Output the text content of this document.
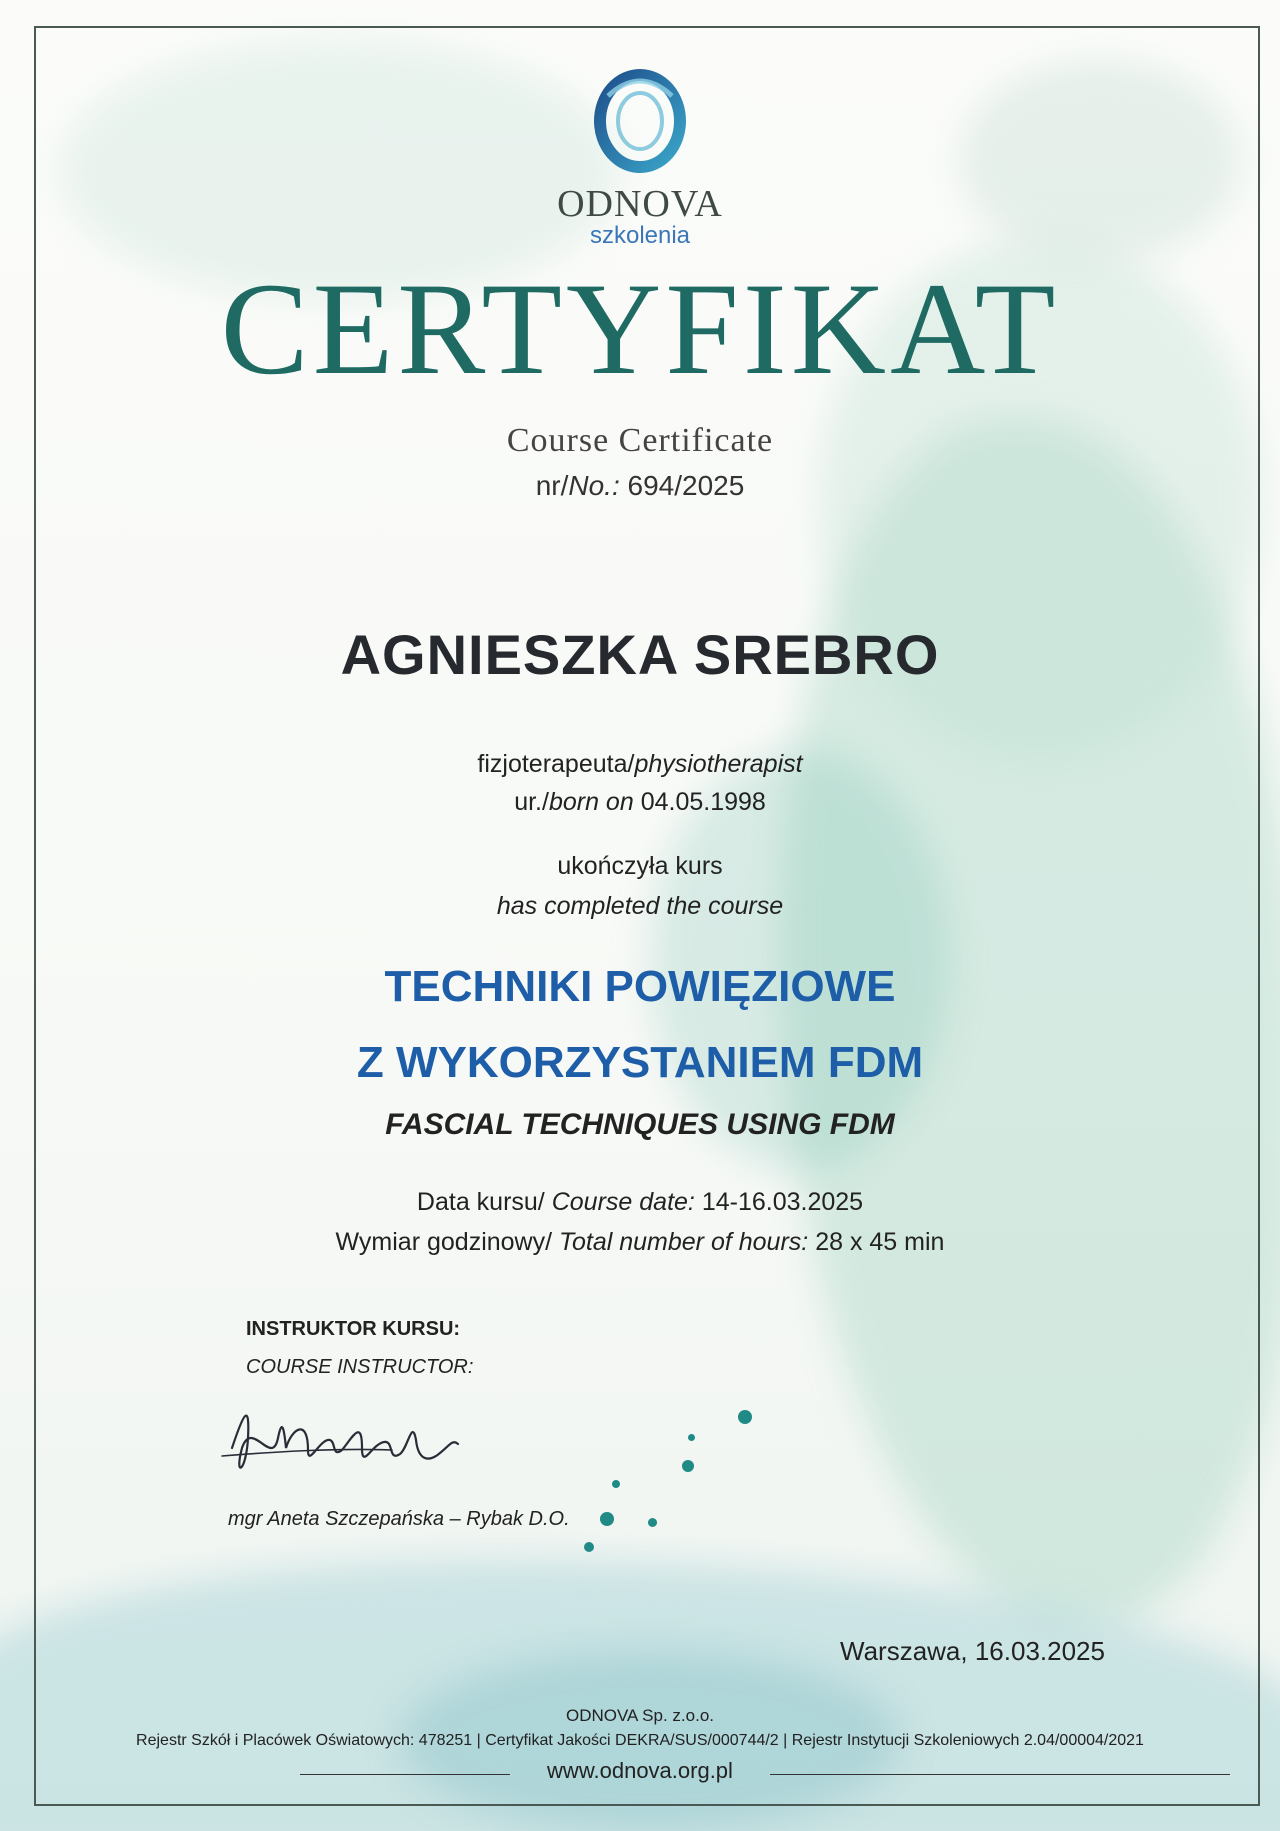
ODNOVA
szkolenia
CERTYFIKAT
Course Certificate
nr/No.: 694/2025
AGNIESZKA SREBRO
fizjoterapeuta/physiotherapist
ur./born on 04.05.1998
ukończyła kurs
has completed the course
TECHNIKI POWIĘZIOWE
Z WYKORZYSTANIEM FDM
FASCIAL TECHNIQUES USING FDM
Data kursu/ Course date: 14-16.03.2025
Wymiar godzinowy/ Total number of hours: 28 x 45 min
INSTRUKTOR KURSU:
COURSE INSTRUCTOR:
mgr Aneta Szczepańska – Rybak D.O.
Warszawa, 16.03.2025
ODNOVA Sp. z.o.o.
Rejestr Szkół i Placówek Oświatowych: 478251 | Certyfikat Jakości DEKRA/SUS/000744/2 | Rejestr Instytucji Szkoleniowych 2.04/00004/2021
www.odnova.org.pl
